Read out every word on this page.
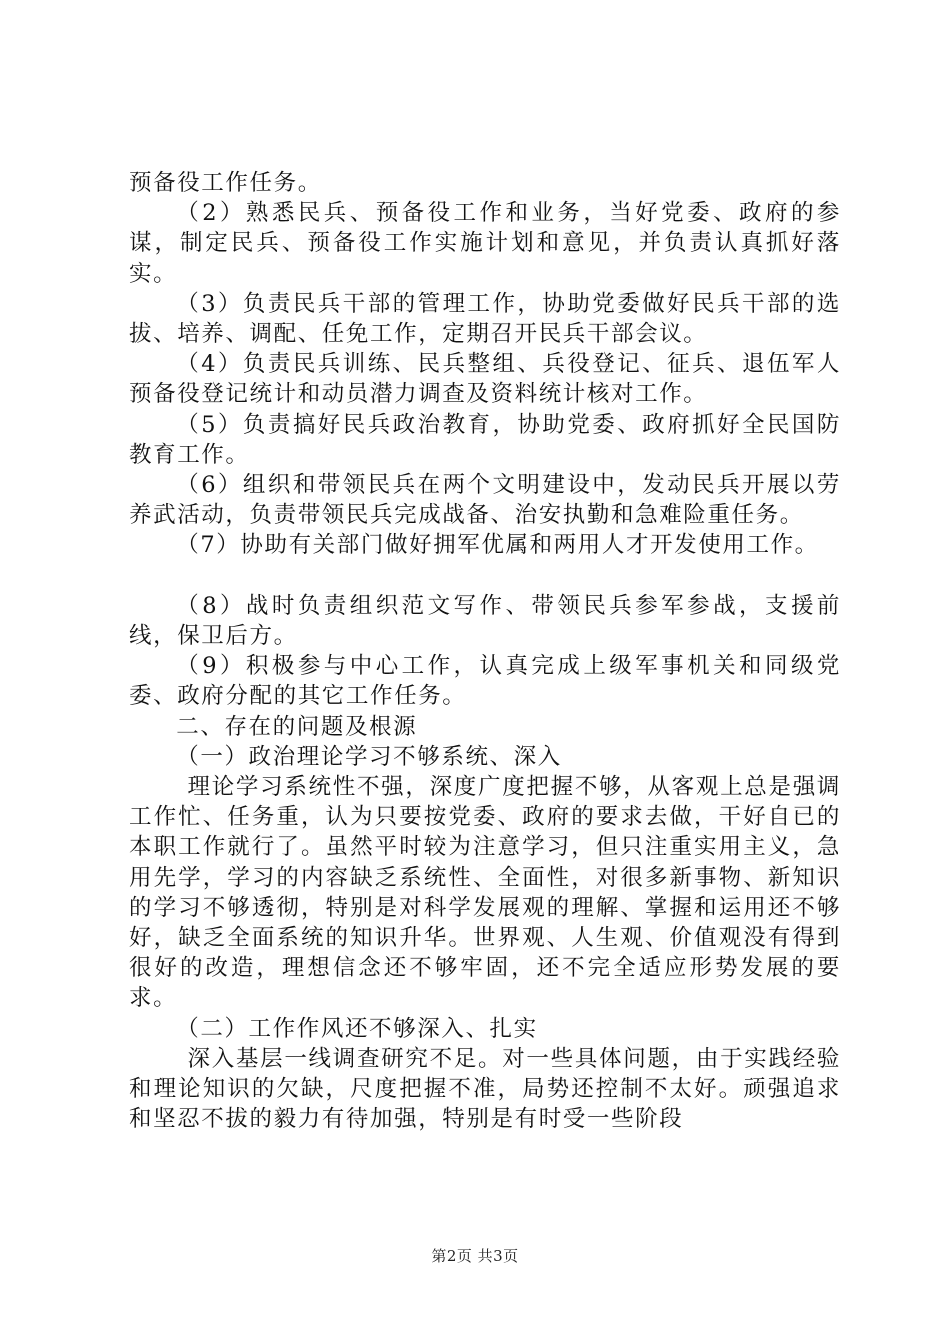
预备役工作任务。

（2）熟悉民兵、预备役工作和业务，当好党委、政府的参谋，制定民兵、预备役工作实施计划和意见，并负责认真抓好落实。

（3）负责民兵干部的管理工作，协助党委做好民兵干部的选拔、培养、调配、任免工作，定期召开民兵干部会议。

（4）负责民兵训练、民兵整组、兵役登记、征兵、退伍军人预备役登记统计和动员潜力调查及资料统计核对工作。

（5）负责搞好民兵政治教育，协助党委、政府抓好全民国防教育工作。

（6）组织和带领民兵在两个文明建设中，发动民兵开展以劳养武活动，负责带领民兵完成战备、治安执勤和急难险重任务。

（7）协助有关部门做好拥军优属和两用人才开发使用工作。

（8）战时负责组织范文写作、带领民兵参军参战，支援前线，保卫后方。

（9）积极参与中心工作，认真完成上级军事机关和同级党委、政府分配的其它工作任务。

二、存在的问题及根源

（一）政治理论学习不够系统、深入

理论学习系统性不强，深度广度把握不够，从客观上总是强调工作忙、任务重，认为只要按党委、政府的要求去做，干好自已的本职工作就行了。虽然平时较为注意学习，但只注重实用主义，急用先学，学习的内容缺乏系统性、全面性，对很多新事物、新知识的学习不够透彻，特别是对科学发展观的理解、掌握和运用还不够好，缺乏全面系统的知识升华。世界观、人生观、价值观没有得到很好的改造，理想信念还不够牢固，还不完全适应形势发展的要求。

（二）工作作风还不够深入、扎实

深入基层一线调查研究不足。对一些具体问题，由于实践经验和理论知识的欠缺，尺度把握不准，局势还控制不太好。顽强追求和坚忍不拔的毅力有待加强，特别是有时受一些阶段

第2页 共3页
